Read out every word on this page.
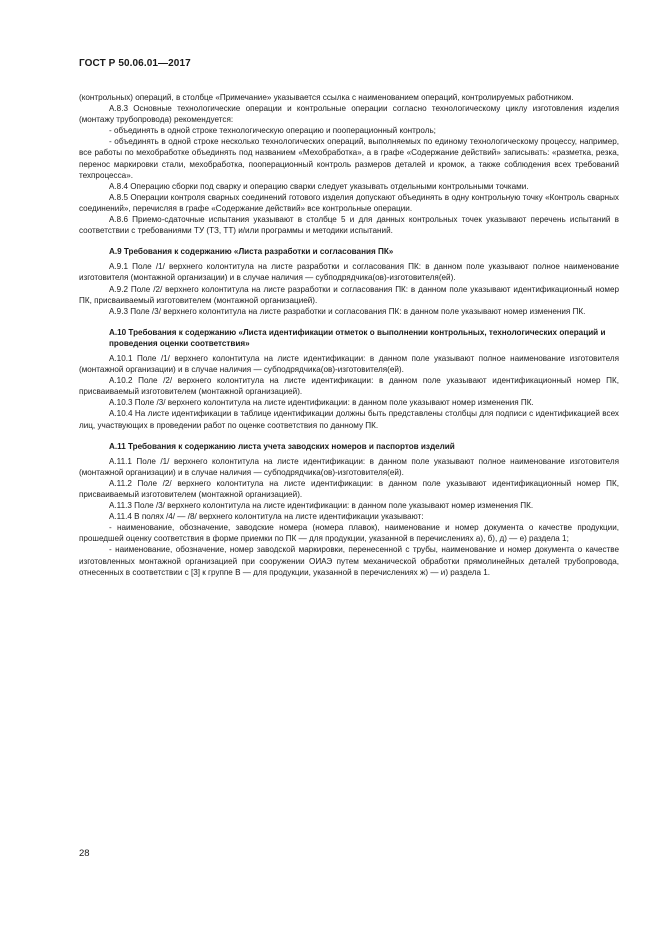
ГОСТ Р 50.06.01—2017

(контрольных) операций, в столбце «Примечание» указывается ссылка с наименованием операций, контролируемых работником.

А.8.3 Основные технологические операции и контрольные операции согласно технологическому циклу изготовления изделия (монтажу трубопровода) рекомендуется:

- объединять в одной строке технологическую операцию и пооперационный контроль;

- объединять в одной строке несколько технологических операций, выполняемых по единому технологическому процессу, например, все работы по мехобработке объединять под названием «Мехобработка», а в графе «Содержание действий» записывать: «разметка, резка, перенос маркировки стали, мехобработка, пооперационный контроль размеров деталей и кромок, а также соблюдения всех требований техпроцесса».

А.8.4 Операцию сборки под сварку и операцию сварки следует указывать отдельными контрольными точками.

А.8.5 Операции контроля сварных соединений готового изделия допускают объединять в одну контрольную точку «Контроль сварных соединений», перечисляя в графе «Содержание действий» все контрольные операции.

А.8.6 Приемо-сдаточные испытания указывают в столбце 5 и для данных контрольных точек указывают перечень испытаний в соответствии с требованиями ТУ (ТЗ, ТТ) и/или программы и методики испытаний.

А.9 Требования к содержанию «Листа разработки и согласования ПК»

А.9.1 Поле /1/ верхнего колонтитула на листе разработки и согласования ПК: в данном поле указывают полное наименование изготовителя (монтажной организации) и в случае наличия — субподрядчика(ов)-изготовителя(ей).

А.9.2 Поле /2/ верхнего колонтитула на листе разработки и согласования ПК: в данном поле указывают идентификационный номер ПК, присваиваемый изготовителем (монтажной организацией).

А.9.3 Поле /3/ верхнего колонтитула на листе разработки и согласования ПК: в данном поле указывают номер изменения ПК.

А.10 Требования к содержанию «Листа идентификации отметок о выполнении контрольных, технологических операций и проведения оценки соответствия»

А.10.1 Поле /1/ верхнего колонтитула на листе идентификации: в данном поле указывают полное наименование изготовителя (монтажной организации) и в случае наличия — субподрядчика(ов)-изготовителя(ей).

А.10.2 Поле /2/ верхнего колонтитула на листе идентификации: в данном поле указывают идентификационный номер ПК, присваиваемый изготовителем (монтажной организацией).

А.10.3 Поле /3/ верхнего колонтитула на листе идентификации: в данном поле указывают номер изменения ПК.

А.10.4 На листе идентификации в таблице идентификации должны быть представлены столбцы для подписи с идентификацией всех лиц, участвующих в проведении работ по оценке соответствия по данному ПК.

А.11 Требования к содержанию листа учета заводских номеров и паспортов изделий

А.11.1 Поле /1/ верхнего колонтитула на листе идентификации: в данном поле указывают полное наименование изготовителя (монтажной организации) и в случае наличия — субподрядчика(ов)-изготовителя(ей).

А.11.2 Поле /2/ верхнего колонтитула на листе идентификации: в данном поле указывают идентификационный номер ПК, присваиваемый изготовителем (монтажной организацией).

А.11.3 Поле /3/ верхнего колонтитула на листе идентификации: в данном поле указывают номер изменения ПК.

А.11.4 В полях /4/ — /8/ верхнего колонтитула на листе идентификации указывают:

- наименование, обозначение, заводские номера (номера плавок), наименование и номер документа о качестве продукции, прошедшей оценку соответствия в форме приемки по ПК — для продукции, указанной в перечислениях а), б), д) — е) раздела 1;

- наименование, обозначение, номер заводской маркировки, перенесенной с трубы, наименование и номер документа о качестве изготовленных монтажной организацией при сооружении ОИАЭ путем механической обработки прямолинейных деталей трубопровода, отнесенных в соответствии с [3] к группе В — для продукции, указанной в перечислениях ж) — и) раздела 1.

28
